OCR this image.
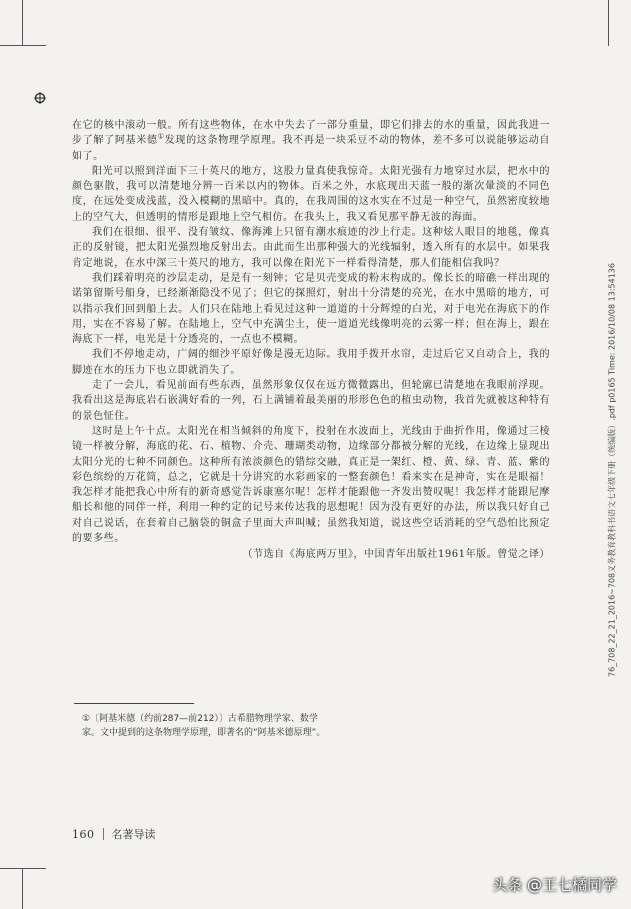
在它的核中滚动一般。所有这些物体，在水中失去了一部分重量，即它们排去的水的重量，因此我进一步了解了阿基米德①发现的这条物理学原理。我不再是一块采豆不动的物体，差不多可以说能够运动自如了。

阳光可以照到洋面下三十英尺的地方，这股力量真使我惊奇。太阳光强有力地穿过水层，把水中的颜色驱散，我可以清楚地分辨一百米以内的物体。百米之外，水底现出天蓝一般的渐次暈淡的不同色度，在远处变成浅蓝，没入模糊的黑暗中。真的，在我周围的这水实在不过是一种空气，虽然密度较地上的空气大，但透明的情形是跟地上空气相仿。在我头上，我又看见那平静无波的海面。

我们在很细、很平、没有皱纹、像海滩上只留有潮水痕迹的沙上行走。这种炫人眼目的地毯，像真正的反射镜，把太阳光强烈地反射出去。由此而生出那种强大的光线辐射，透入所有的水层中。如果我肯定地说，在水中深三十英尺的地方，我可以像在阳光下一样看得清楚，那人们能相信我吗？

我们踩着明亮的沙层走动，是是有一刻钟；它是贝壳变成的粉末构成的。像长长的暗礁一样出现的诺第留斯号船身，已经渐渐隐没不见了；但它的探照灯，射出十分清楚的亮光，在水中黑暗的地方，可以指示我们回到船上去。人们只在陆地上看见过这种一道道的十分辉煌的白光，对于电光在海底下的作用，实在不容易了解。在陆地上，空气中充满尘土，使一道道光线像明亮的云雾一样；但在海上，跟在海底下一样，电光是十分透亮的，一点也不模糊。

我们不停地走动，广阔的细沙平原好像是漫无边际。我用手拨开水帘，走过后它又自动合上，我的脚迹在水的压力下也立即就消失了。

走了一会儿，看见前面有些东西，虽然形象仅仅在远方微微露出，但轮廓已清楚地在我眼前浮现。我看出这是海底岩石嵌满好看的一列，石上满铺着最美丽的形形色色的植虫动物，我首先就被这种特有的景色怔住。

这时是上午十点。太阳光在相当倾斜的角度下，投射在水波面上，光线由于曲折作用，像通过三棱镜一样被分解，海底的花、石、植物、介壳、珊瑚类动物，边缘部分都被分解的光线，在边缘上显现出太阳分光的七种不同颜色。这种所有浓淡颜色的错综交融，真正是一架红、橙、黄、绿、青、蓝、紫的彩色缤纷的万花筒，总之，它就是十分讲究的水彩画家的一整套颜色！看来实在是神奇，实在是眼福！我怎样才能把我心中所有的新奇感觉告诉康塞尔呢！怎样才能跟他一齐发出赞叹呢！我怎样才能跟尼摩船长和他的同伴一样，利用一种约定的记号来传达我的思想呢！因为没有更好的办法，所以我只好自己对自己说话，在套着自己脑袋的铜盒子里面大声叫喊；虽然我知道，说这些空话消耗的空气恐怕比预定的要多些。

（节选自《海底两万里》，中国青年出版社1961年版。曾觉之译）
①〔阿基米德（约前287—前212）〕古希腊物理学家、数学家。文中提到的这条物理学原理，即著名的“阿基米德原理”。
160 名著导读
76_708_22_21_2016~708义务教育教科书语文七年级下册（统编版）.pdf p0165 Time: 2016/10/08 13:54136
头条 @王七橘同学
